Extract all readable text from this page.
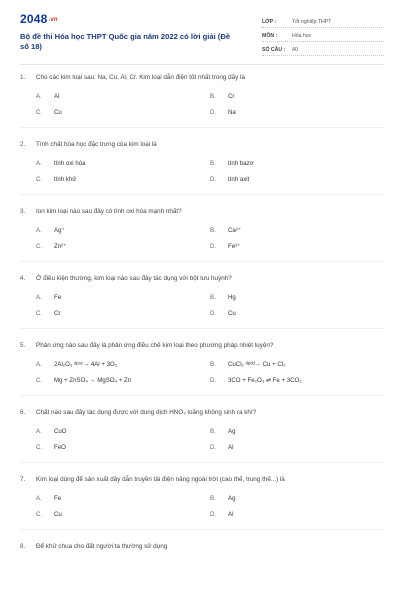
2048.vn
Bộ đề thi Hóa học THPT Quốc gia năm 2022 có lời giải (Đề số 18)
LỚP :	Tốt nghiệp THPT
MÔN :	Hóa học
SỐ CÂU :	40
1.	Cho các kim loại sau: Na, Cu, Al, Cr. Kim loại dẫn điện tốt nhất trong dãy là
A.	Al	B.	Cr
C.	Cu	D.	Na
2.	Tính chất hóa học đặc trưng của kim loại là
A.	tính oxi hóa	B.	tính bazơ
C.	tính khử	D.	tính axit
3.	Ion kim loại nào sau đây có tính oxi hóa mạnh nhất?
A.	Ag⁺	B.	Ca²⁺
C.	Zn²⁺	D.	Fe²⁺
4.	Ở điều kiện thường, kim loại nào sau đây tác dụng với bột lưu huỳnh?
A.	Fe	B.	Hg
C.	Cr	D.	Cu
5.	Phản ứng nào sau đây là phản ứng điều chế kim loại theo phương pháp nhiệt luyện?
A.	2Al₂O₃ ᵈᵖⁿᶜ→ 4Al + 3O₂	B.	CuCl₂ ᵈᵖᵈᵈ→ Cu + Cl₂
C.	Mg + ZnSO₄ → MgSO₄ + Zn	D.	3CO + Fe₂O₃ ⇄ Fe + 3CO₂
6.	Chất nào sau đây tác dụng được với dung dịch HNO₃ loãng không sinh ra khí?
A.	CuO	B.	Ag
C.	FeO	D.	Al
7.	Kim loại dùng để sản xuất dây dẫn truyền tải điện năng ngoài trời (cao thế, trung thế...) là
A.	Fe	B.	Ag
C.	Cu	D.	Al
8.	Để khử chua cho đất người ta thường sử dụng
